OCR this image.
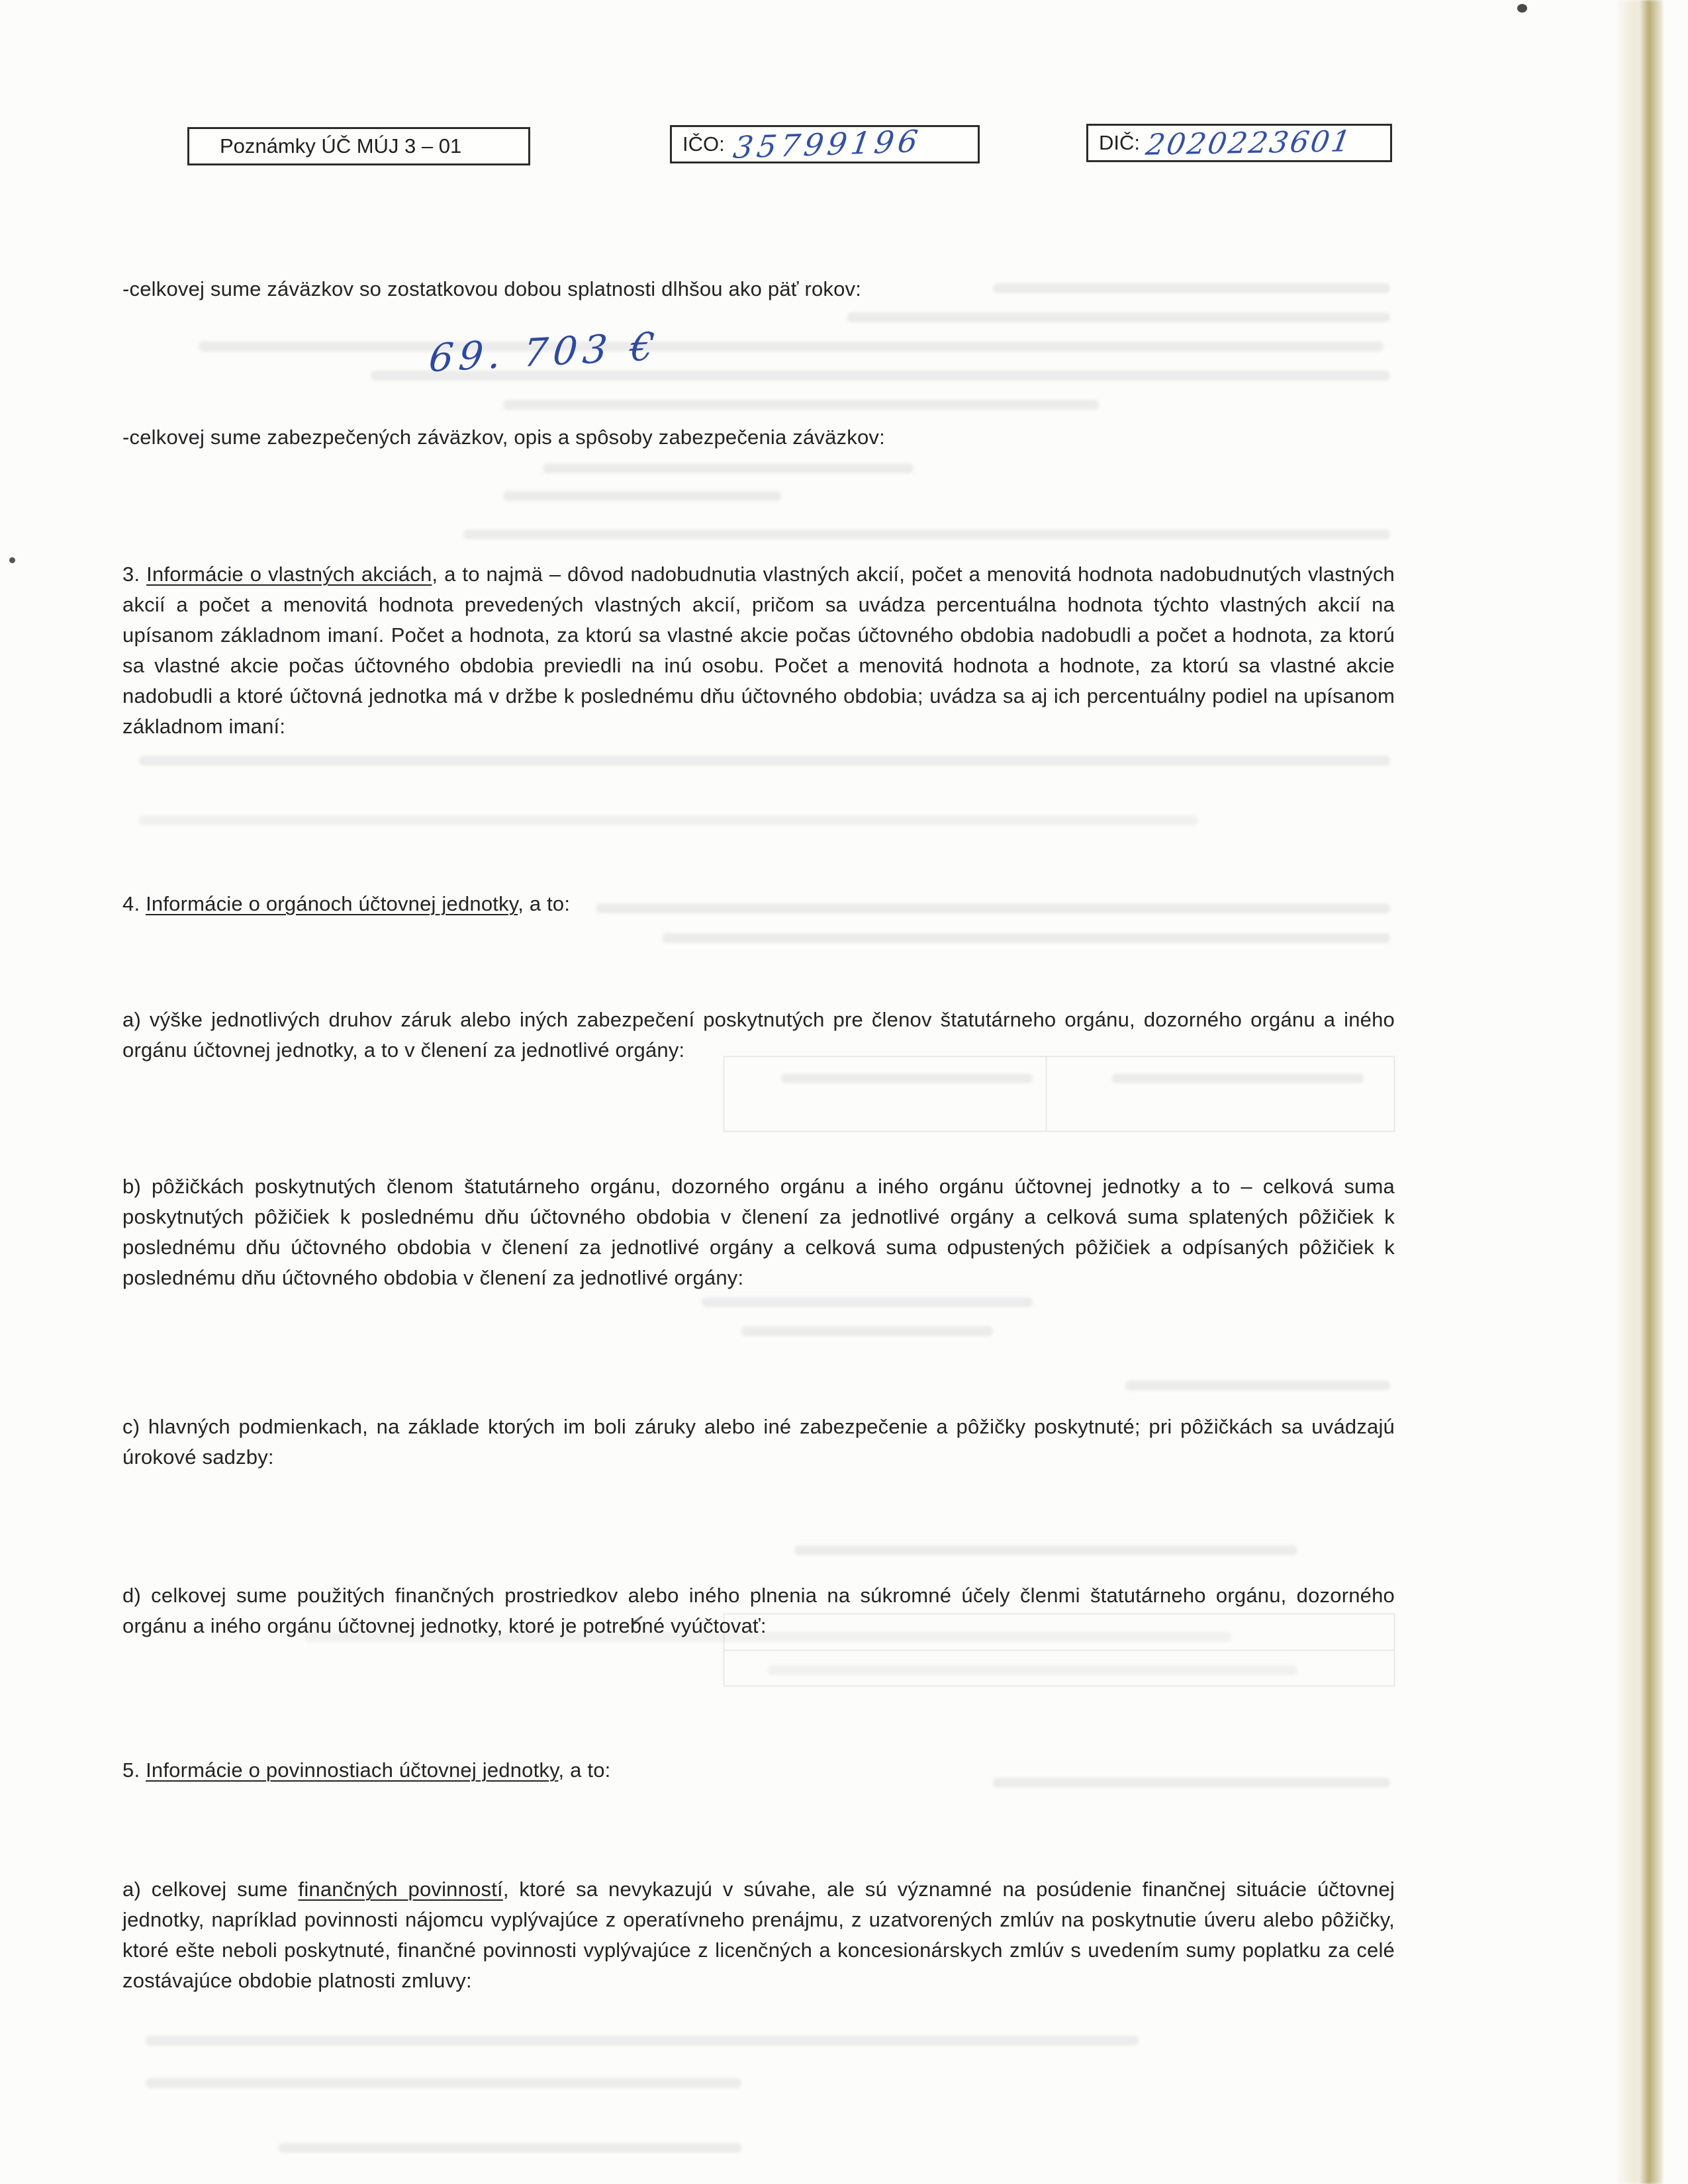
Poznámky ÚČ MÚJ 3 – 01	IČO: 35799196	DIČ: 2020223601
-celkovej sume záväzkov so zostatkovou dobou splatnosti dlhšou ako päť rokov:
69. 703 €
-celkovej sume zabezpečených záväzkov, opis a spôsoby zabezpečenia záväzkov:
3. Informácie o vlastných akciách, a to najmä – dôvod nadobudnutia vlastných akcií, počet a menovitá hodnota nadobudnutých vlastných akcií a počet a menovitá hodnota prevedených vlastných akcií, pričom sa uvádza percentuálna hodnota týchto vlastných akcií na upísanom základnom imaní. Počet a hodnota, za ktorú sa vlastné akcie počas účtovného obdobia nadobudli a počet a hodnota, za ktorú sa vlastné akcie počas účtovného obdobia previedli na inú osobu. Počet a menovitá hodnota a hodnote, za ktorú sa vlastné akcie nadobudli a ktoré účtovná jednotka má v držbe k poslednému dňu účtovného obdobia; uvádza sa aj ich percentuálny podiel na upísanom základnom imaní:
4. Informácie o orgánoch účtovnej jednotky, a to:
a) výške jednotlivých druhov záruk alebo iných zabezpečení poskytnutých pre členov štatutárneho orgánu, dozorného orgánu a iného orgánu účtovnej jednotky, a to v členení za jednotlivé orgány:
b) pôžičkách poskytnutých členom štatutárneho orgánu, dozorného orgánu a iného orgánu účtovnej jednotky a to – celková suma poskytnutých pôžičiek k poslednému dňu účtovného obdobia v členení za jednotlivé orgány a celková suma splatených pôžičiek k poslednému dňu účtovného obdobia v členení za jednotlivé orgány a celková suma odpustených pôžičiek a odpísaných pôžičiek k poslednému dňu účtovného obdobia v členení za jednotlivé orgány:
c) hlavných podmienkach, na základe ktorých im boli záruky alebo iné zabezpečenie a pôžičky poskytnuté; pri pôžičkách sa uvádzajú úrokové sadzby:
d) celkovej sume použitých finančných prostriedkov alebo iného plnenia na súkromné účely členmi štatutárneho orgánu, dozorného orgánu a iného orgánu účtovnej jednotky, ktoré je potrebné vyúčtovať:
5. Informácie o povinnostiach účtovnej jednotky, a to:
a) celkovej sume finančných povinností, ktoré sa nevykazujú v súvahe, ale sú významné na posúdenie finančnej situácie účtovnej jednotky, napríklad povinnosti nájomcu vyplývajúce z operatívneho prenájmu, z uzatvorených zmlúv na poskytnutie úveru alebo pôžičky, ktoré ešte neboli poskytnuté, finančné povinnosti vyplývajúce z licenčných a koncesionárskych zmlúv s uvedením sumy poplatku za celé zostávajúce obdobie platnosti zmluvy:
